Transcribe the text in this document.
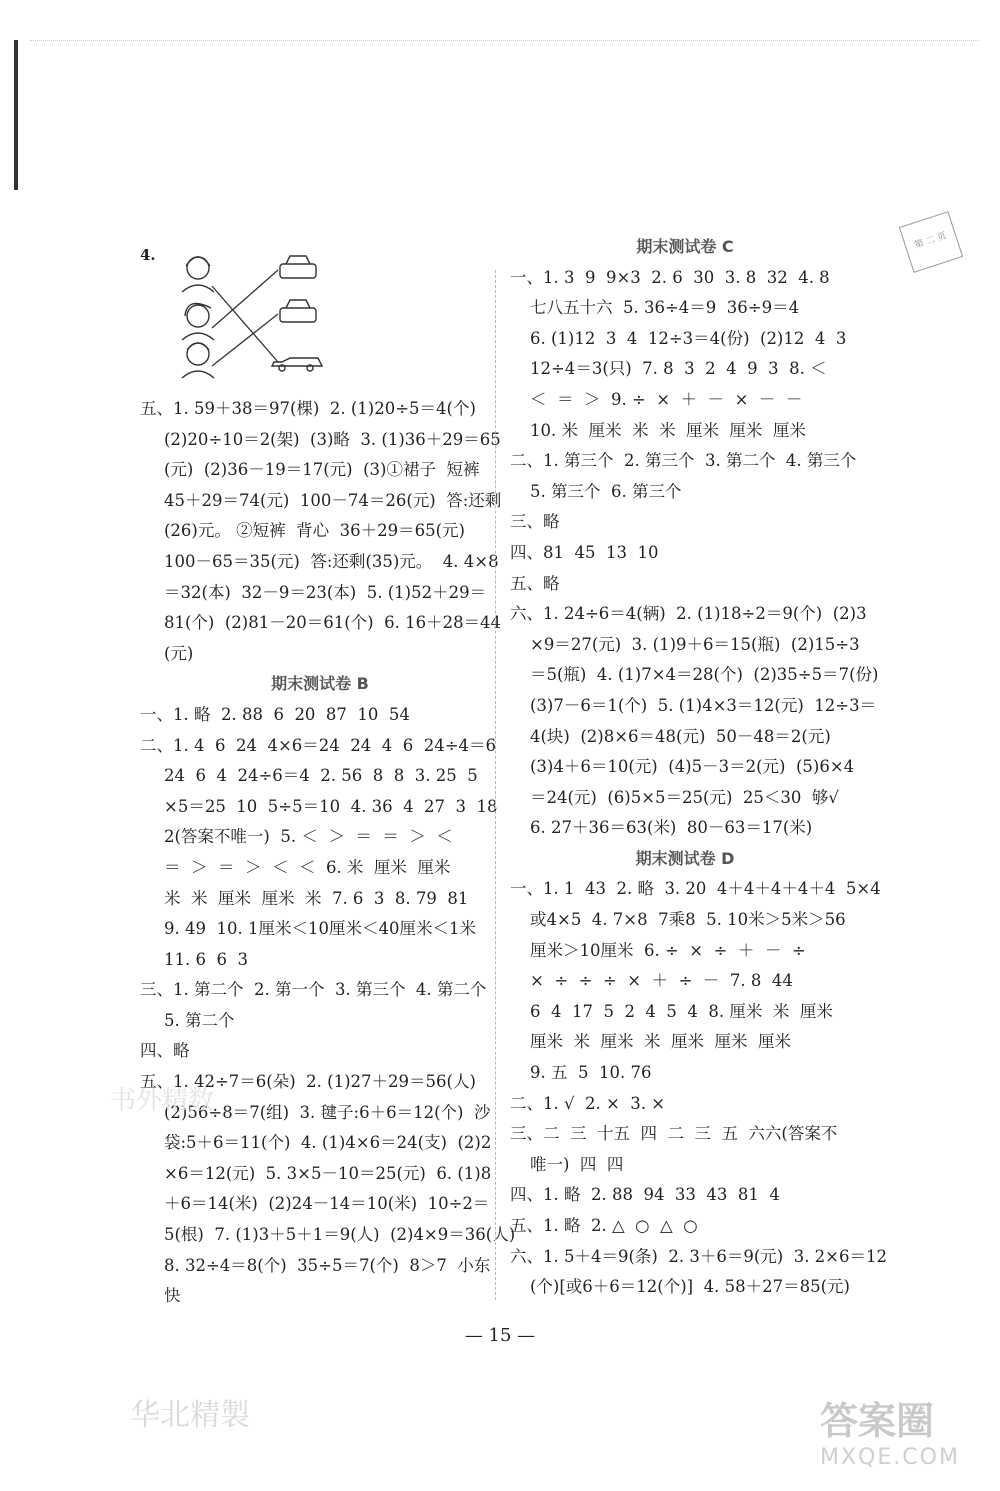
第 二 页
4.
五、1. 59＋38＝97(棵)  2. (1)20÷5＝4(个)
(2)20÷10＝2(架)  (3)略  3. (1)36＋29＝65
(元)  (2)36－19＝17(元)  (3)①裙子  短裤
45＋29＝74(元)  100－74＝26(元)  答:还剩
(26)元。 ②短裤  背心  36＋29＝65(元)
100－65＝35(元)  答:还剩(35)元。  4. 4×8
＝32(本)  32－9＝23(本)  5. (1)52＋29＝
81(个)  (2)81－20＝61(个)  6. 16＋28＝44
(元)
期末测试卷 B
一、1. 略  2. 88  6  20  87  10  54
二、1. 4  6  24  4×6＝24  24  4  6  24÷4＝6
24  6  4  24÷6＝4  2. 56  8  8  3. 25  5
×5＝25  10  5÷5＝10  4. 36  4  27  3  18
2(答案不唯一)  5. ＜  ＞  ＝  ＝  ＞  ＜
＝  ＞  ＝  ＞  ＜  ＜  6. 米  厘米  厘米
米  米  厘米  厘米  米  7. 6  3  8. 79  81
9. 49  10. 1厘米＜10厘米＜40厘米＜1米
11. 6  6  3
三、1. 第二个  2. 第一个  3. 第三个  4. 第二个
5. 第二个
四、略
五、1. 42÷7＝6(朵)  2. (1)27＋29＝56(人)
(2)56÷8＝7(组)  3. 毽子:6＋6＝12(个)  沙
袋:5＋6＝11(个)  4. (1)4×6＝24(支)  (2)2
×6＝12(元)  5. 3×5－10＝25(元)  6. (1)8
＋6＝14(米)  (2)24－14＝10(米)  10÷2＝
5(根)  7. (1)3＋5＋1＝9(人)  (2)4×9＝36(人)
8. 32÷4＝8(个)  35÷5＝7(个)  8＞7  小东
快
期末测试卷 C
一、1. 3  9  9×3  2. 6  30  3. 8  32  4. 8
七八五十六  5. 36÷4＝9  36÷9＝4
6. (1)12  3  4  12÷3＝4(份)  (2)12  4  3
12÷4＝3(只)  7. 8  3  2  4  9  3  8. ＜
＜  ＝  ＞  9. ÷  ×  ＋  －  ×  －  －
10. 米  厘米  米  米  厘米  厘米  厘米
二、1. 第三个  2. 第三个  3. 第二个  4. 第三个
5. 第三个  6. 第三个
三、略
四、81  45  13  10
五、略
六、1. 24÷6＝4(辆)  2. (1)18÷2＝9(个)  (2)3
×9＝27(元)  3. (1)9＋6＝15(瓶)  (2)15÷3
＝5(瓶)  4. (1)7×4＝28(个)  (2)35÷5＝7(份)
(3)7－6＝1(个)  5. (1)4×3＝12(元)  12÷3＝
4(块)  (2)8×6＝48(元)  50－48＝2(元)
(3)4＋6＝10(元)  (4)5－3＝2(元)  (5)6×4
＝24(元)  (6)5×5＝25(元)  25＜30  够√
6. 27＋36＝63(米)  80－63＝17(米)
期末测试卷 D
一、1. 1  43  2. 略  3. 20  4＋4＋4＋4＋4  5×4
或4×5  4. 7×8  7乘8  5. 10米＞5米＞56
厘米＞10厘米  6. ÷  ×  ÷  ＋  －  ÷
×  ÷  ÷  ÷  ×  ＋  ÷  －  7. 8  44
6  4  17  5  2  4  5  4  8. 厘米  米  厘米
厘米  米  厘米  米  厘米  厘米  厘米
9. 五  5  10. 76
二、1. √  2. ×  3. ×
三、二  三  十五  四  二  三  五  六六(答案不
唯一)  四  四
四、1. 略  2. 88  94  33  43  81  4
五、1. 略  2. △  ○  △  ○
六、1. 5＋4＝9(条)  2. 3＋6＝9(元)  3. 2×6＝12
(个)[或6＋6＝12(个)]  4. 58＋27＝85(元)
— 15 —
书外精数
华北精製	答案圈
MXQE.COM
